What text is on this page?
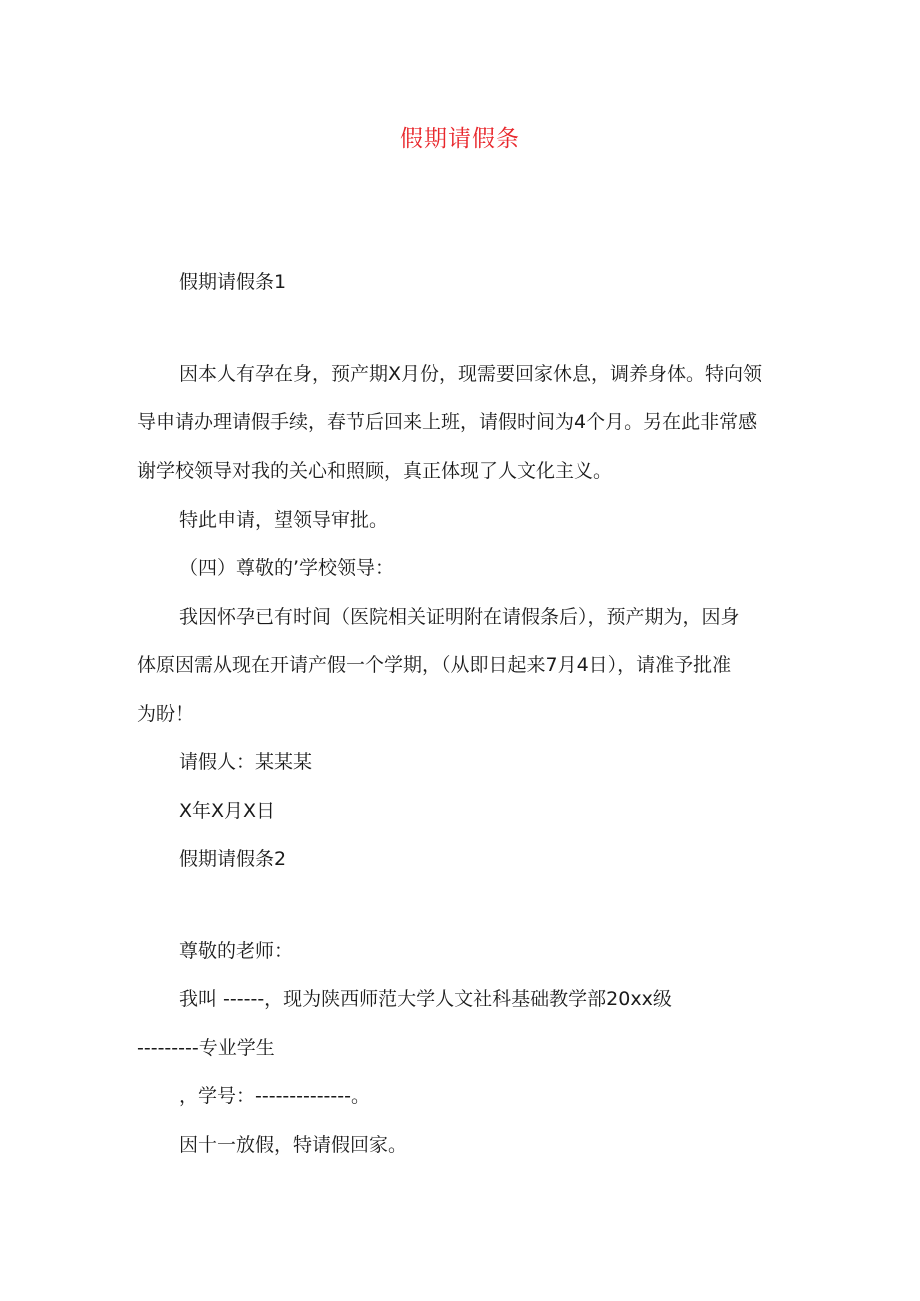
假期请假条
假期请假条1
因本人有孕在身，预产期X月份，现需要回家休息，调养身体。特向领
导申请办理请假手续，春节后回来上班，请假时间为4个月。另在此非常感
谢学校领导对我的关心和照顾，真正体现了人文化主义。
特此申请，望领导审批。
（四）尊敬的’学校领导：
我因怀孕已有时间（医院相关证明附在请假条后），预产期为，因身
体原因需从现在开请产假一个学期，（从即日起来7月4日），请准予批准
为盼！
请假人：某某某
X年X月X日
假期请假条2
尊敬的老师：
我叫 ------，现为陕西师范大学人文社科基础教学部20xx级
---------专业学生
，学号：--------------。
因十一放假，特请假回家。
